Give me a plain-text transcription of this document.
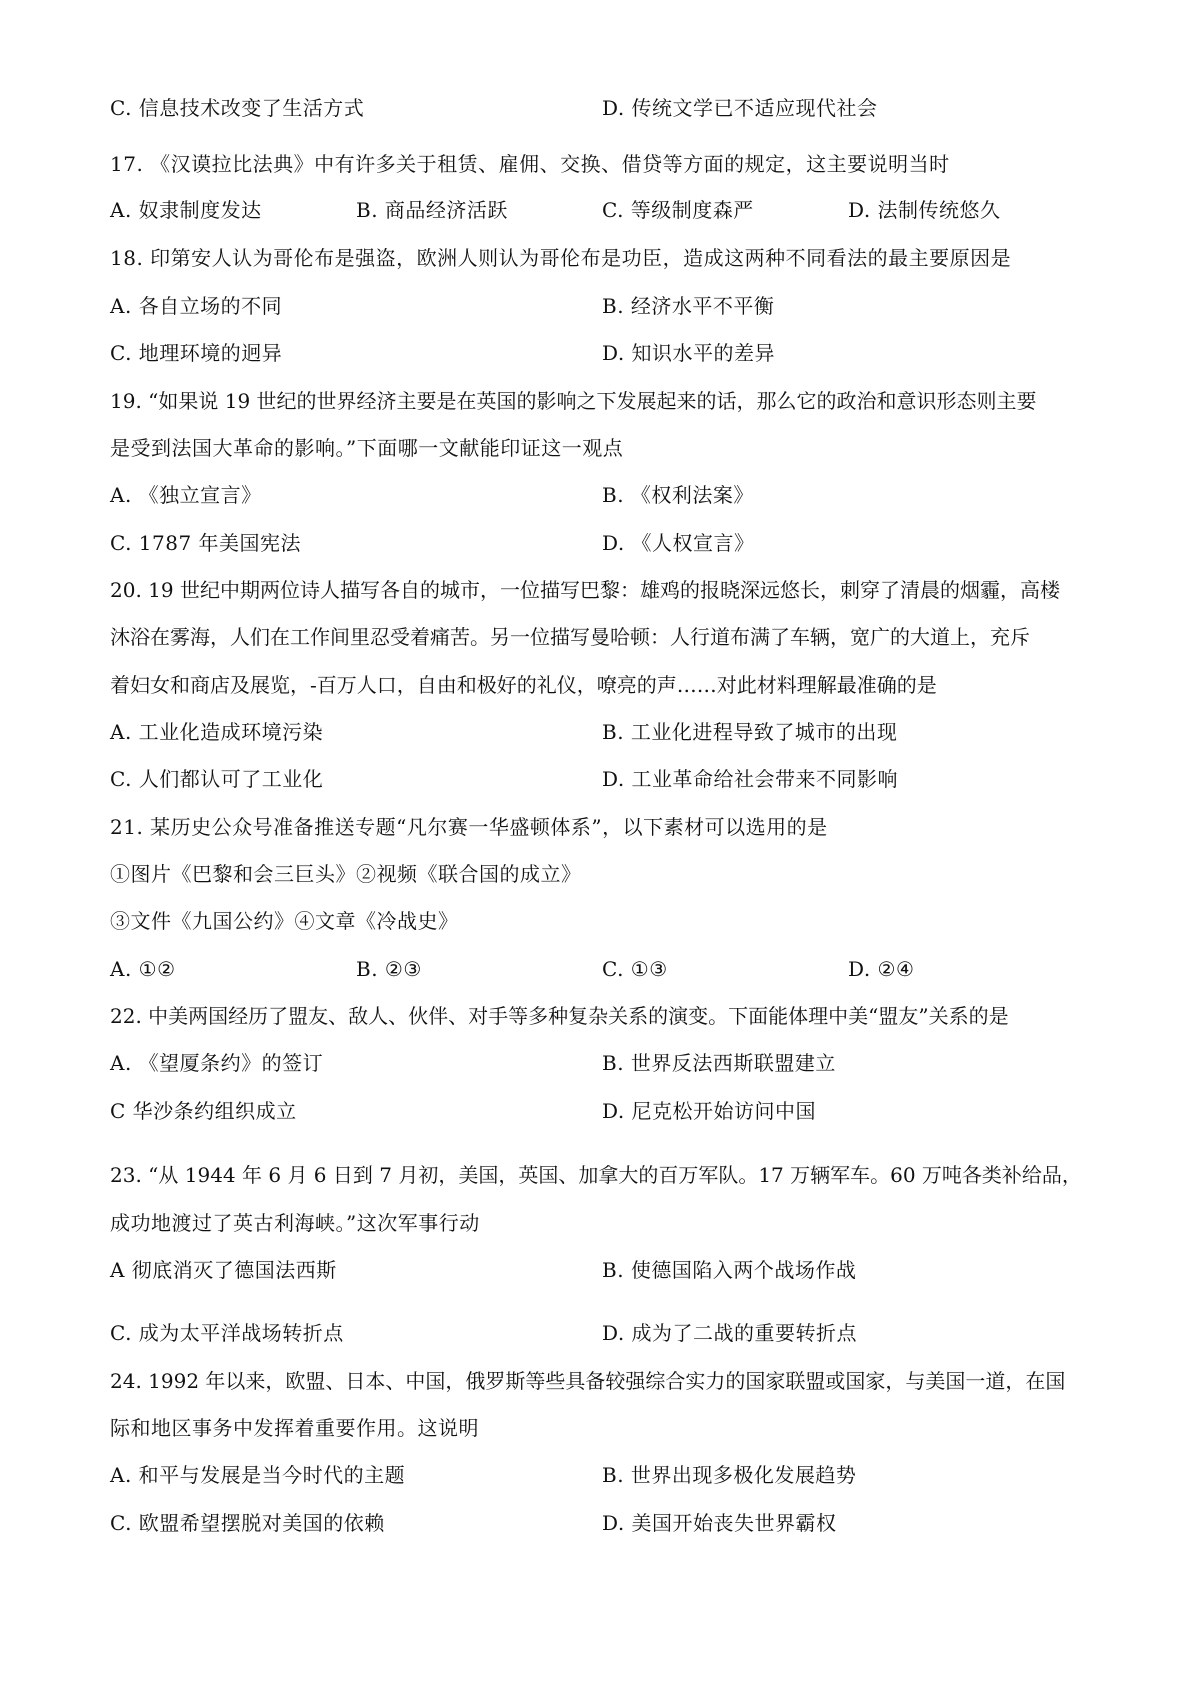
C. 信息技术改变了生活方式	D. 传统文学已不适应现代社会
17. 《汉谟拉比法典》中有许多关于租赁、雇佣、交换、借贷等方面的规定，这主要说明当时
A. 奴隶制度发达	B. 商品经济活跃	C. 等级制度森严	D. 法制传统悠久
18. 印第安人认为哥伦布是强盗，欧洲人则认为哥伦布是功臣，造成这两种不同看法的最主要原因是
A. 各自立场的不同	B. 经济水平不平衡
C. 地理环境的迥异	D. 知识水平的差异
19. “如果说 19 世纪的世界经济主要是在英国的影响之下发展起来的话，那么它的政治和意识形态则主要
是受到法国大革命的影响。”下面哪一文献能印证这一观点
A. 《独立宣言》	B. 《权利法案》
C. 1787 年美国宪法	D. 《人权宣言》
20. 19 世纪中期两位诗人描写各自的城市，一位描写巴黎：雄鸡的报晓深远悠长，刺穿了清晨的烟霾，高楼
沐浴在雾海，人们在工作间里忍受着痛苦。另一位描写曼哈顿：人行道布满了车辆，宽广的大道上，充斥
着妇女和商店及展览，-百万人口，自由和极好的礼仪，嘹亮的声……对此材料理解最准确的是
A. 工业化造成环境污染	B. 工业化进程导致了城市的出现
C. 人们都认可了工业化	D. 工业革命给社会带来不同影响
21. 某历史公众号准备推送专题“凡尔赛一华盛顿体系”，以下素材可以选用的是
①图片《巴黎和会三巨头》②视频《联合国的成立》
③文件《九国公约》④文章《冷战史》
A. ①②	B. ②③	C. ①③	D. ②④
22. 中美两国经历了盟友、敌人、伙伴、对手等多种复杂关系的演变。下面能体理中美“盟友”关系的是
A. 《望厦条约》的签订	B. 世界反法西斯联盟建立
C 华沙条约组织成立	D. 尼克松开始访问中国
23. “从 1944 年 6 月 6 日到 7 月初，美国，英国、加拿大的百万军队。17 万辆军车。60 万吨各类补给品，
成功地渡过了英古利海峡。”这次军事行动
A 彻底消灭了德国法西斯	B. 使德国陷入两个战场作战
C. 成为太平洋战场转折点	D. 成为了二战的重要转折点
24. 1992 年以来，欧盟、日本、中国，俄罗斯等些具备较强综合实力的国家联盟或国家，与美国一道，在国
际和地区事务中发挥着重要作用。这说明
A. 和平与发展是当今时代的主题	B. 世界出现多极化发展趋势
C. 欧盟希望摆脱对美国的依赖	D. 美国开始丧失世界霸权
